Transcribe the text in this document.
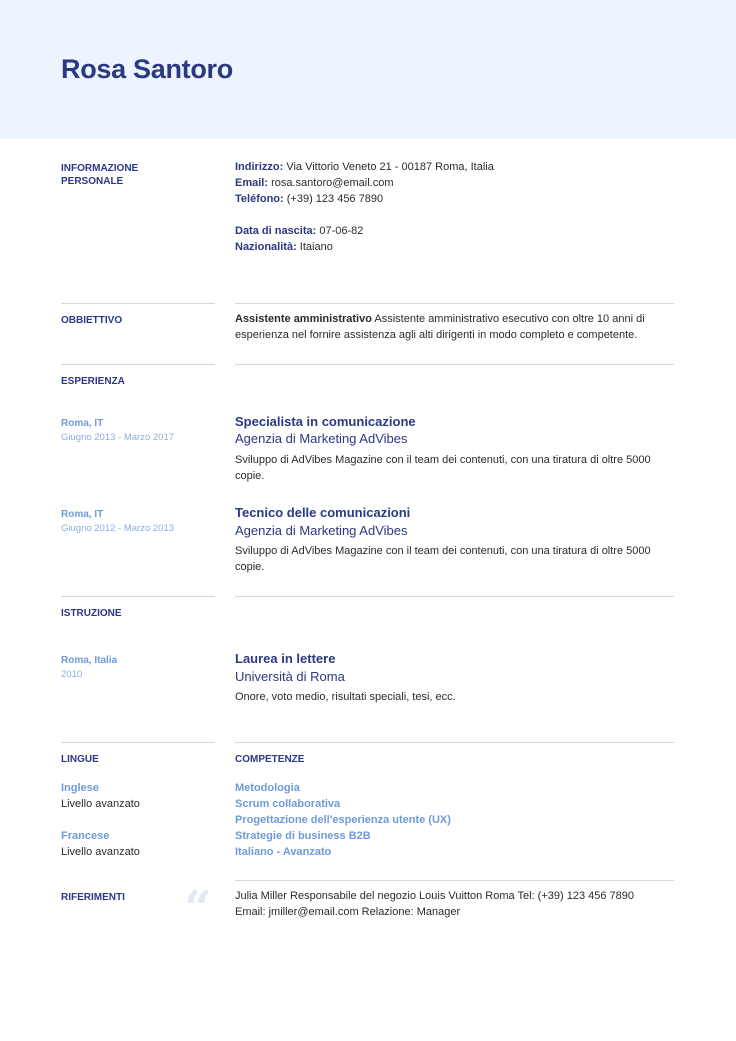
Rosa Santoro
INFORMAZIONE
PERSONALE
Indirizzo: Via Vittorio Veneto 21 - 00187 Roma, Italia
Email: rosa.santoro@email.com
Teléfono: (+39) 123 456 7890
Data di nascita: 07-06-82
Nazionalità: Itaiano
OBBIETTIVO	Assistente amministrativo Assistente amministrativo esecutivo con oltre 10 anni di esperienza nel fornire assistenza agli alti dirigenti in modo completo e competente.
ESPERIENZA
Roma, IT
Giugno 2013 - Marzo 2017
Specialista in comunicazione
Agenzia di Marketing AdVibes
Sviluppo di AdVibes Magazine con il team dei contenuti, con una tiratura di oltre 5000 copie.
Roma, IT
Giugno 2012 - Marzo 2013
Tecnico delle comunicazioni
Agenzia di Marketing AdVibes
Sviluppo di AdVibes Magazine con il team dei contenuti, con una tiratura di oltre 5000 copie.
ISTRUZIONE
Roma, Italia
2010
Laurea in lettere
Università di Roma
Onore, voto medio, risultati speciali, tesi, ecc.
LINGUE	COMPETENZE
Inglese
Livello avanzato
Francese
Livello avanzato
Metodologia
Scrum collaborativa
Progettazione dell'esperienza utente (UX)
Strategie di business B2B
Italiano - Avanzato
RIFERIMENTI “ Julia Miller Responsabile del negozio Louis Vuitton Roma Tel: (+39) 123 456 7890
Email: jmiller@email.com Relazione: Manager
